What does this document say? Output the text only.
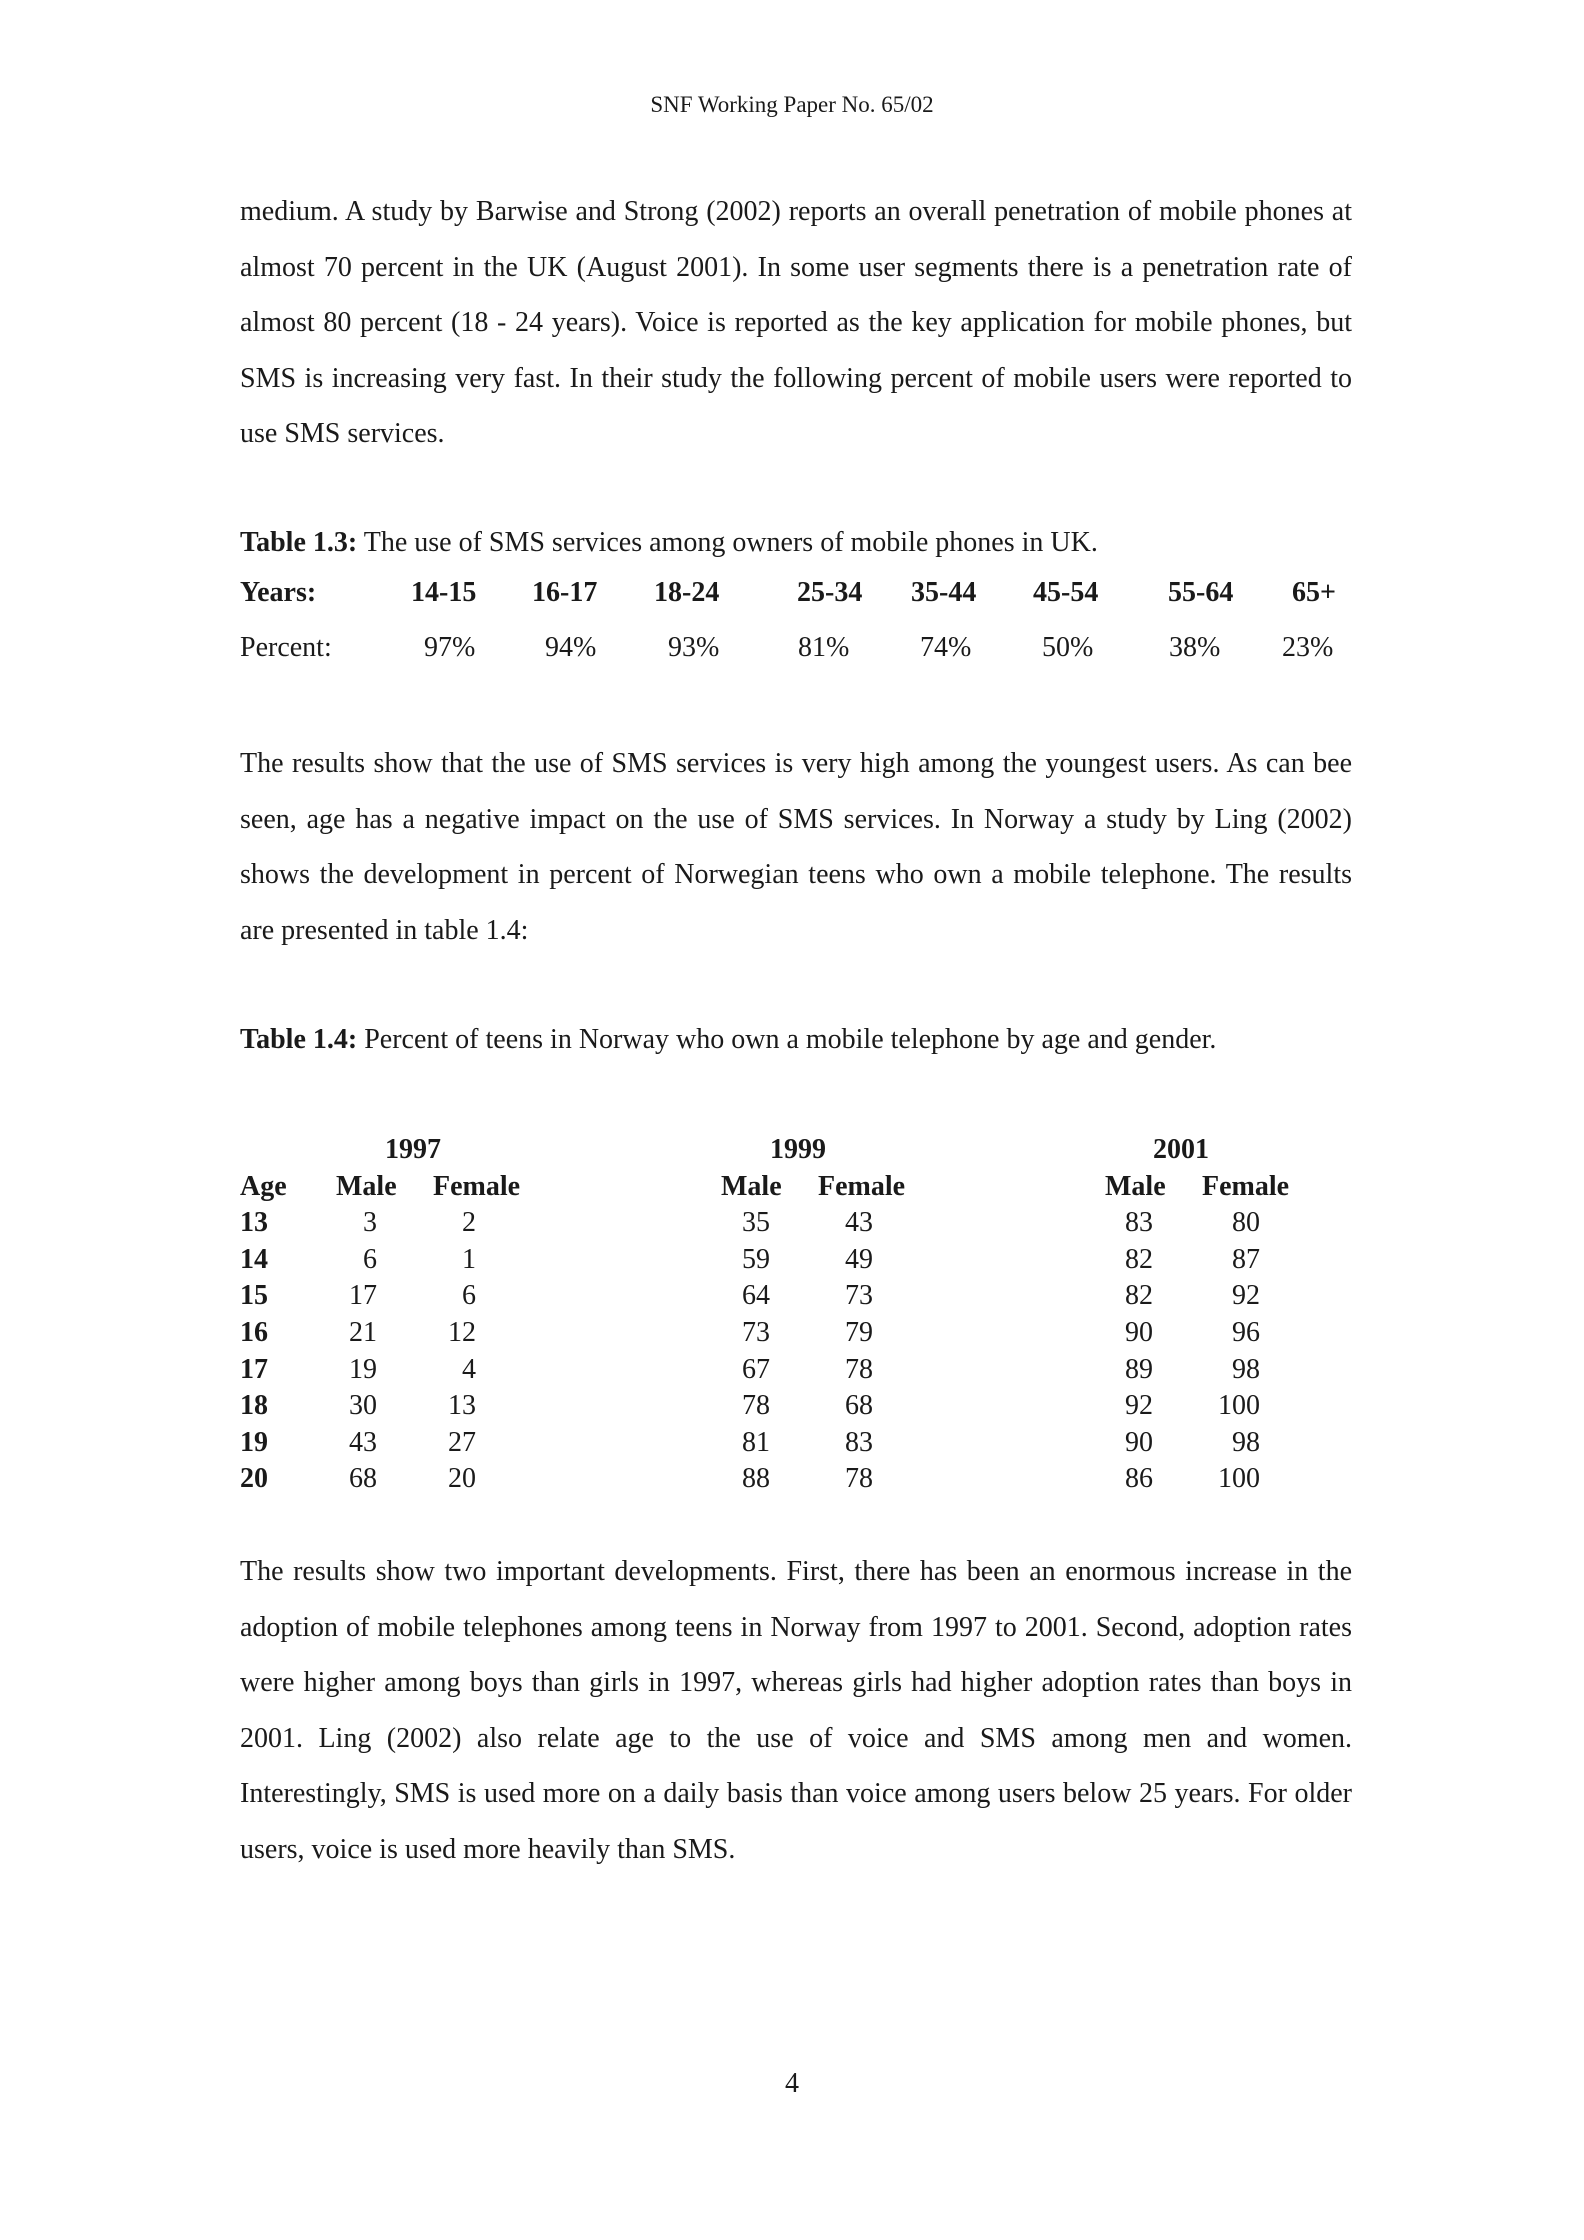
SNF Working Paper No. 65/02

medium. A study by Barwise and Strong (2002) reports an overall penetration of mobile phones at almost 70 percent in the UK (August 2001). In some user segments there is a penetration rate of almost 80 percent (18 - 24 years). Voice is reported as the key application for mobile phones, but SMS is increasing very fast. In their study the following percent of mobile users were reported to use SMS services.

Table 1.3: The use of SMS services among owners of mobile phones in UK.

Years:	14-15 16-17 18-24	25-34 35-44 45-54 55-64 65+
Percent:	97% 94%	93%	81%	74%	50%	38% 23%

The results show that the use of SMS services is very high among the youngest users. As can bee seen, age has a negative impact on the use of SMS services. In Norway a study by Ling (2002) shows the development in percent of Norwegian teens who own a mobile telephone. The results are presented in table 1.4:

Table 1.4: Percent of teens in Norway who own a mobile telephone by age and gender.

1997	1999	2001
Age Male Female	Male Female	Male Female
13	3	2	35	43	83	80
14	6	1	59	49	82	87
15	17	6	64	73	82	92
16	21	12	73	79	90	96
17	19	4	67	78	89	98
18	30	13	78	68	92 100
19	43	27	81	83	90	98
20	68	20	88	78	86 100

The results show two important developments. First, there has been an enormous increase in the adoption of mobile telephones among teens in Norway from 1997 to 2001. Second, adoption rates were higher among boys than girls in 1997, whereas girls had higher adoption rates than boys in 2001. Ling (2002) also relate age to the use of voice and SMS among men and women. Interestingly, SMS is used more on a daily basis than voice among users below 25 years. For older users, voice is used more heavily than SMS.

4
